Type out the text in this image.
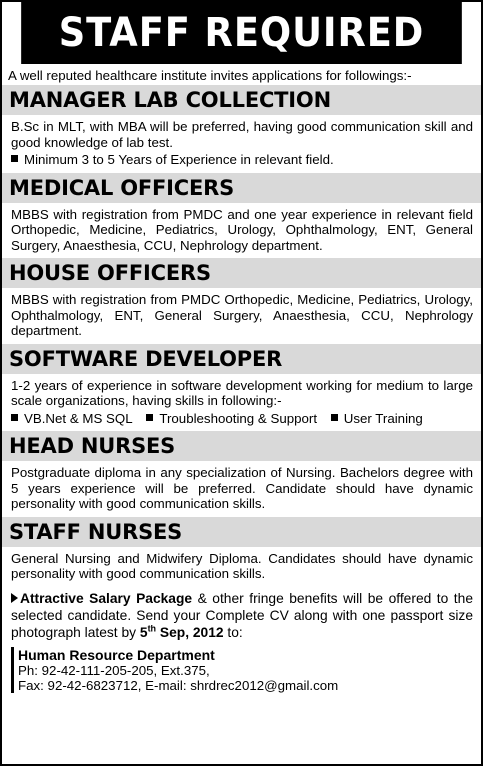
STAFF REQUIRED
A well reputed healthcare institute invites applications for followings:-
MANAGER LAB COLLECTION

B.Sc in MLT, with MBA will be preferred, having good communication skill and good knowledge of lab test.

Minimum 3 to 5 Years of Experience in relevant field.
MEDICAL OFFICERS

MBBS with registration from PMDC and one year experience in relevant field Orthopedic, Medicine, Pediatrics, Urology, Ophthalmology, ENT, General Surgery, Anaesthesia, CCU, Nephrology department.

HOUSE OFFICERS

MBBS with registration from PMDC Orthopedic, Medicine, Pediatrics, Urology, Ophthalmology, ENT, General Surgery, Anaesthesia, CCU, Nephrology department.

SOFTWARE DEVELOPER

1-2 years of experience in software development working for medium to large scale organizations, having skills in following:-

VB.Net & MS SQL Troubleshooting & Support User Training
HEAD NURSES

Postgraduate diploma in any specialization of Nursing. Bachelors degree with 5 years experience will be preferred. Candidate should have dynamic personality with good communication skills.

STAFF NURSES

General Nursing and Midwifery Diploma. Candidates should have dynamic personality with good communication skills.

Attractive Salary Package & other fringe benefits will be offered to the selected candidate. Send your Complete CV along with one passport size photograph latest by 5th Sep, 2012 to:

Human Resource Department
Ph: 92-42-111-205-205, Ext.375,
Fax: 92-42-6823712, E-mail: shrdrec2012@gmail.com
